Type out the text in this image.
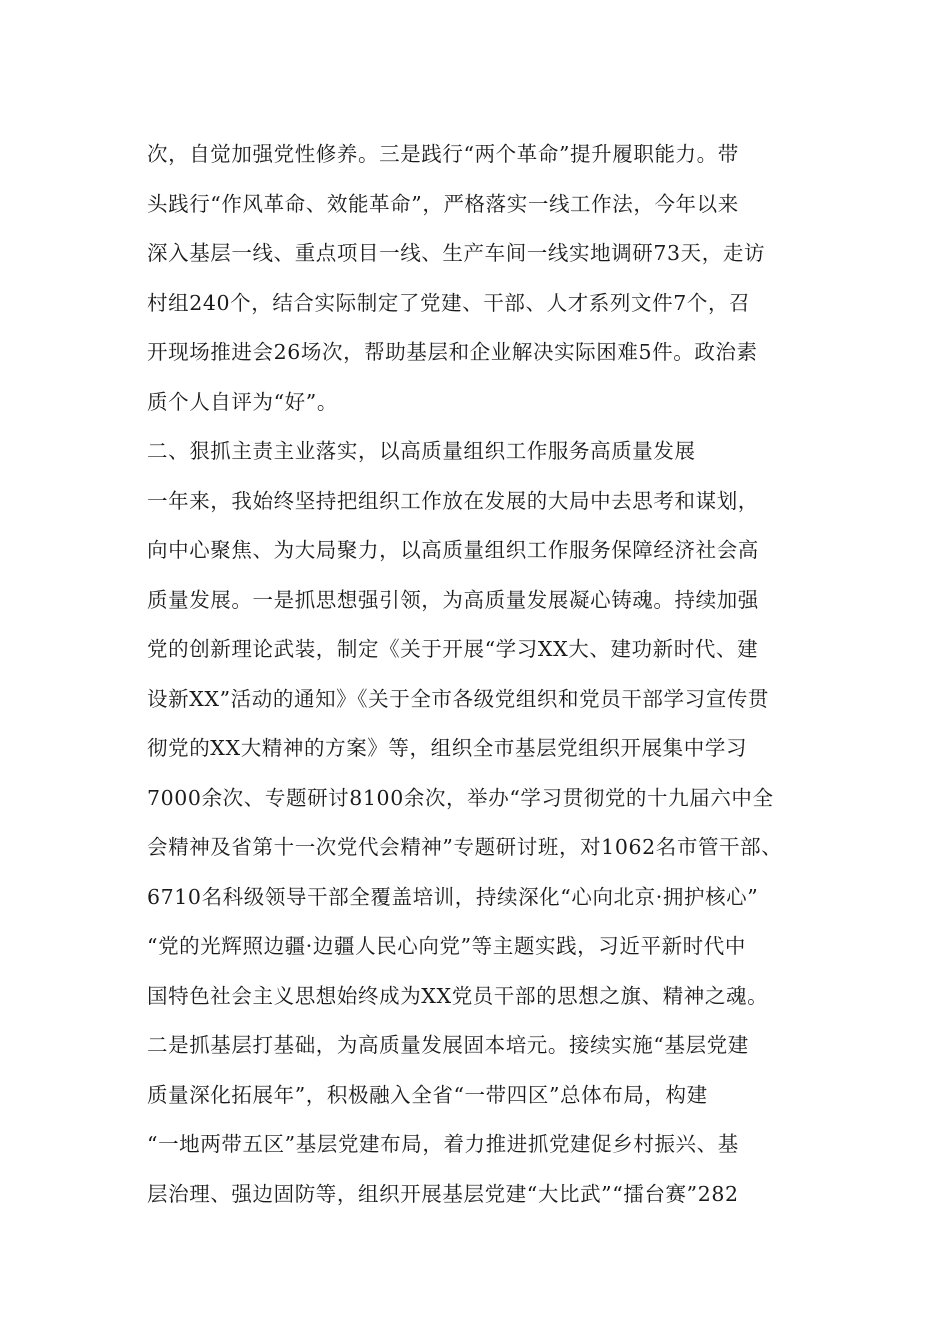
次，自觉加强党性修养。三是践行“两个革命”提升履职能力。带
头践行“作风革命、效能革命”，严格落实一线工作法，今年以来
深入基层一线、重点项目一线、生产车间一线实地调研73天，走访
村组240个，结合实际制定了党建、干部、人才系列文件7个，召
开现场推进会26场次，帮助基层和企业解决实际困难5件。政治素
质个人自评为“好”。
二、狠抓主责主业落实，以高质量组织工作服务高质量发展
一年来，我始终坚持把组织工作放在发展的大局中去思考和谋划，
向中心聚焦、为大局聚力，以高质量组织工作服务保障经济社会高
质量发展。一是抓思想强引领，为高质量发展凝心铸魂。持续加强
党的创新理论武装，制定《关于开展“学习XX大、建功新时代、建
设新XX”活动的通知》《关于全市各级党组织和党员干部学习宣传贯
彻党的XX大精神的方案》等，组织全市基层党组织开展集中学习
7000余次、专题研讨8100余次，举办“学习贯彻党的十九届六中全
会精神及省第十一次党代会精神”专题研讨班，对1062名市管干部、
6710名科级领导干部全覆盖培训，持续深化“心向北京·拥护核心”
“党的光辉照边疆·边疆人民心向党”等主题实践，习近平新时代中
国特色社会主义思想始终成为XX党员干部的思想之旗、精神之魂。
二是抓基层打基础，为高质量发展固本培元。接续实施“基层党建
质量深化拓展年”，积极融入全省“一带四区”总体布局，构建
“一地两带五区”基层党建布局，着力推进抓党建促乡村振兴、基
层治理、强边固防等，组织开展基层党建“大比武”“擂台赛”282
